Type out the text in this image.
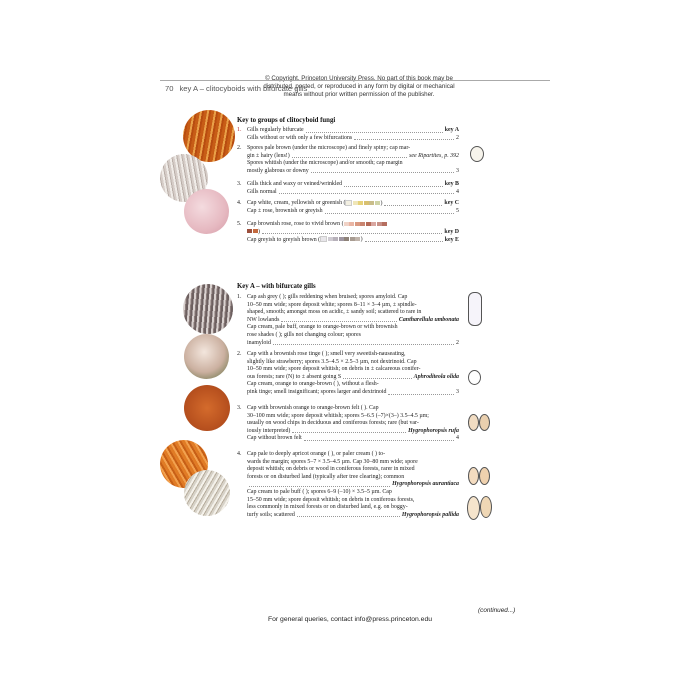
© Copyright, Princeton University Press. No part of this book may be
distributed, posted, or reproduced in any form by digital or mechanical
means without prior written permission of the publisher.
70 key A – clitocyboids with bifurcate gills
Key to groups of clitocyboid fungi
1. Gills regularly bifurcate	key A
Gills without or with only a few bifurcations	2
2. Spores pale brown (under the microscope) and finely spiny; cap mar-
gin ± hairy (lens!)	see Ripartites, p. 392
Spores whitish (under the microscope) and/or smooth; cap margin
mostly glabrous or downy	3
3. Gills thick and waxy or veined/wrinkled	key B
Gills normal	4
4. Cap white, cream, yellowish or greenish (	)	key C
Cap ± rose, brownish or greyish	5
5. Cap brownish rose, rose to vivid brown (
)	key D
Cap greyish to greyish brown (	)	key E
Key A – with bifurcate gills
1. Cap ash grey ( ); gills reddening when bruised; spores amyloid. Cap
10–50 mm wide; spore deposit white; spores 8–11 × 3–4 µm, ± spindle-
shaped, smooth; amongst moss on acidic, ± sandy soil; scattered to rare in
NW lowlands	Cantharellula umbonata
Cap cream, pale buff, orange to orange-brown or with brownish
rose shades ( ); gills not changing colour; spores
inamyloid	2
2. Cap with a brownish rose tinge ( ); smell very sweetish-nauseating,
slightly like strawberry; spores 3.5–4.5 × 2.5–3 µm, not dextrinoid. Cap
10–50 mm wide; spore deposit whitish; on debris in ± calcareous conifer-
ous forests; rare (N) to ± absent going S	Aphroditeola olida
Cap cream, orange to orange-brown ( ), without a flesh-
pink tinge; smell insignificant; spores larger and dextrinoid	3
3. Cap with brownish orange to orange-brown felt ( ). Cap
30–100 mm wide; spore deposit whitish; spores 5–6.5 (–7)×(3–) 3.5–4.5 µm;
usually on wood chips in deciduous and coniferous forests; rare (but var-
iously interpreted)	Hygrophoropsis rufa
Cap without brown felt	4
4. Cap pale to deeply apricot orange ( ), or paler cream ( ) to-
wards the margin; spores 5–7 × 3.5–4.5 µm. Cap 30–80 mm wide; spore
deposit whitish; on debris or wood in coniferous forests, rarer in mixed
forests or on disturbed land (typically after tree clearing); common
Hygrophoropsis aurantiaca
Cap cream to pale buff ( ); spores 6–9 (–10) × 3.5–5 µm. Cap
15–50 mm wide; spore deposit whitish; on debris in coniferous forests,
less commonly in mixed forests or on disturbed land, e.g. on boggy-
turfy soils; scattered	Hygrophoropsis pallida
(continued...)
For general queries, contact info@press.princeton.edu
